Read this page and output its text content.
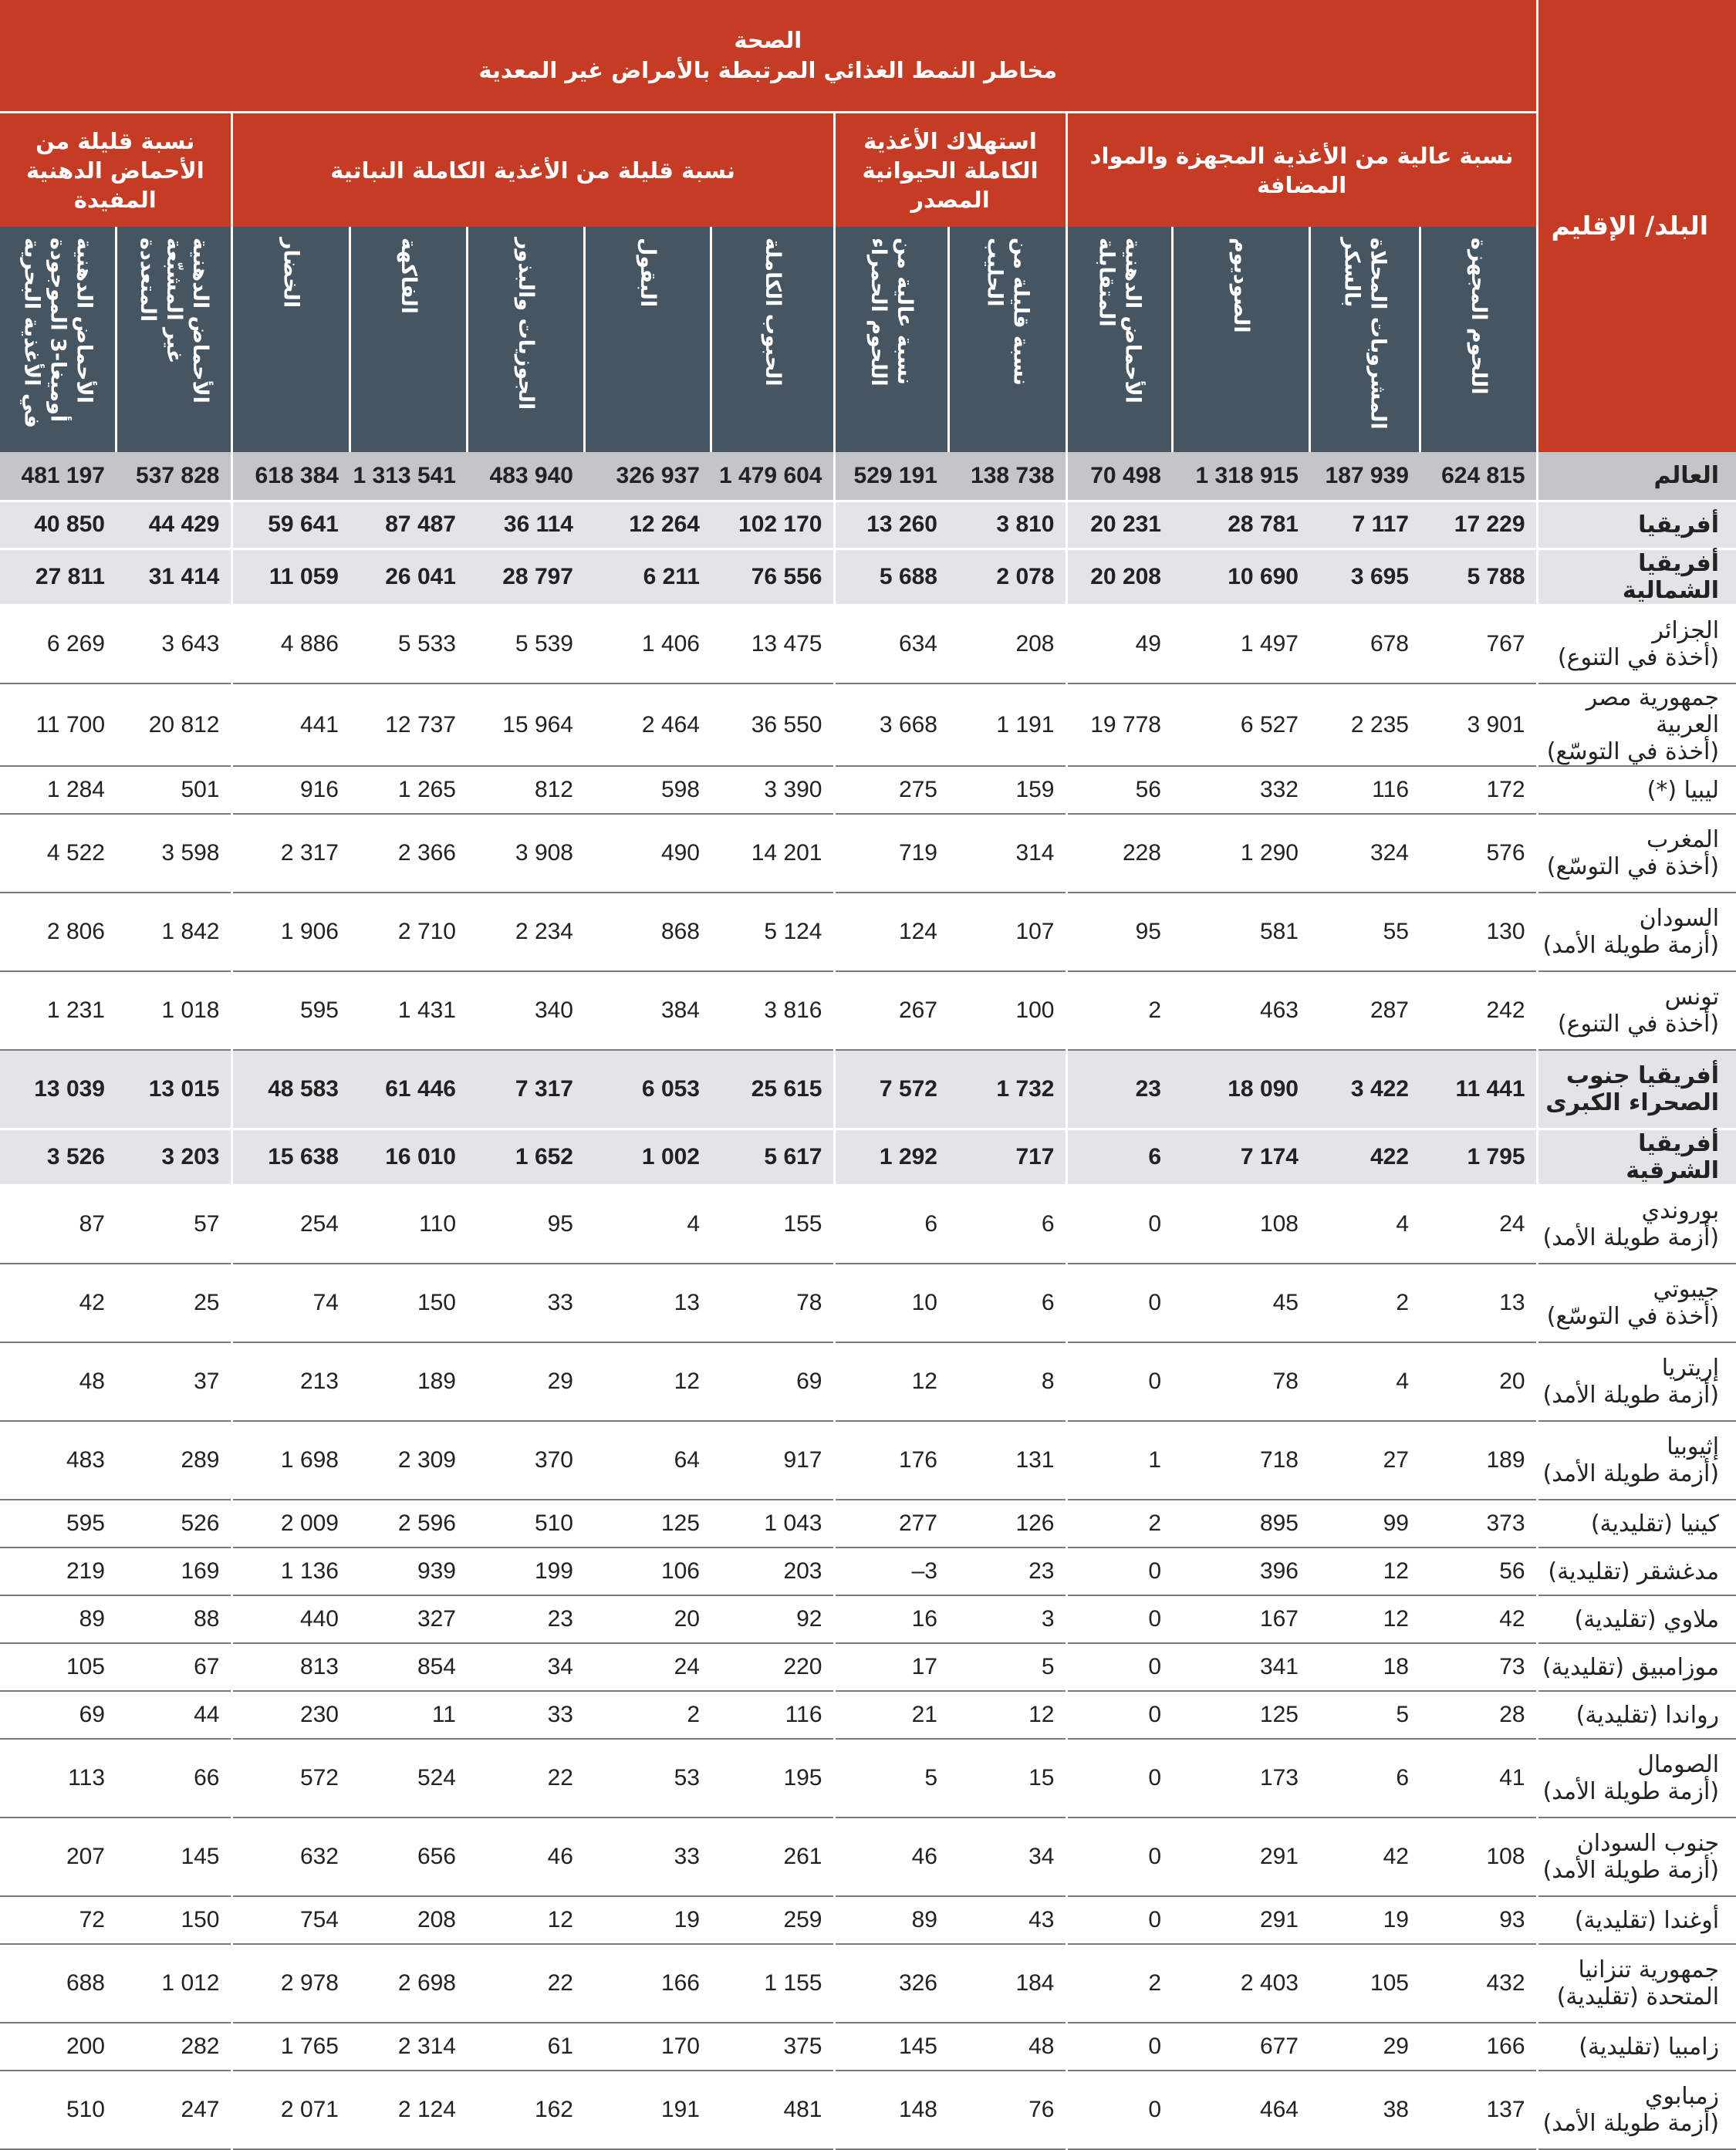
الصحة
مخاطر النمط الغذائي المرتبطة بالأمراض غير المعدية													البلد/ الإقليم
نسبة قليلة من الأحماض الدهنية المفيدة		نسبة قليلة من الأغذية الكاملة النباتية					استهلاك الأغذية الكاملة الحيوانية المصدر		نسبة عالية من الأغذية المجهزة والمواد المضافة				

الأحماض الدهنية أوميغا-3 الموجودة في الأغذية البحرية	الأحماض الدهنية غير المشبّعة المتعددة	الخضار	الفاكهة	الجوزيات والبذور	البقول	الحبوب الكاملة	نسبة عالية من اللحوم الحمراء	نسبة قليلة من الحليب	الأحماض الدهنية المتقابلة	الصوديوم	المشروبات المحلاة بالسكر	اللحوم المجهزة	

481 197	537 828	618 384	1 313 541	483 940	326 937	1 479 604	529 191	138 738	70 498	1 318 915	187 939	624 815	العالم

40 850	44 429	59 641	87 487	36 114	12 264	102 170	13 260	3 810	20 231	28 781	7 117	17 229	أفريقيا

27 811	31 414	11 059	26 041	28 797	6 211	76 556	5 688	2 078	20 208	10 690	3 695	5 788	أفريقيا الشمالية

6 269	3 643	4 886	5 533	5 539	1 406	13 475	634	208	49	1 497	678	767	الجزائر
(أخذة في التنوع)

11 700	20 812	441	12 737	15 964	2 464	36 550	3 668	1 191	19 778	6 527	2 235	3 901	جمهورية مصر العربية
(أخذة في التوسّع)

1 284	501	916	1 265	812	598	3 390	275	159	56	332	116	172	ليبيا (*)

4 522	3 598	2 317	2 366	3 908	490	14 201	719	314	228	1 290	324	576	المغرب
(أخذة في التوسّع)

2 806	1 842	1 906	2 710	2 234	868	5 124	124	107	95	581	55	130	السودان
(أزمة طويلة الأمد)

1 231	1 018	595	1 431	340	384	3 816	267	100	2	463	287	242	تونس
(أخذة في التنوع)

13 039	13 015	48 583	61 446	7 317	6 053	25 615	7 572	1 732	23	18 090	3 422	11 441	أفريقيا جنوب الصحراء الكبرى

3 526	3 203	15 638	16 010	1 652	1 002	5 617	1 292	717	6	7 174	422	1 795	أفريقيا الشرقية

87	57	254	110	95	4	155	6	6	0	108	4	24	بوروندي
(أزمة طويلة الأمد)

42	25	74	150	33	13	78	10	6	0	45	2	13	جيبوتي
(أخذة في التوسّع)

48	37	213	189	29	12	69	12	8	0	78	4	20	إريتريا
(أزمة طويلة الأمد)

483	289	1 698	2 309	370	64	917	176	131	1	718	27	189	إثيوبيا
(أزمة طويلة الأمد)

595	526	2 009	2 596	510	125	1 043	277	126	2	895	99	373	كينيا (تقليدية)

219	169	1 136	939	199	106	203	–3	23	0	396	12	56	مدغشقر (تقليدية)

89	88	440	327	23	20	92	16	3	0	167	12	42	ملاوي (تقليدية)

105	67	813	854	34	24	220	17	5	0	341	18	73	موزامبيق (تقليدية)

69	44	230	11	33	2	116	21	12	0	125	5	28	رواندا (تقليدية)

113	66	572	524	22	53	195	5	15	0	173	6	41	الصومال
(أزمة طويلة الأمد)

207	145	632	656	46	33	261	46	34	0	291	42	108	جنوب السودان
(أزمة طويلة الأمد)

72	150	754	208	12	19	259	89	43	0	291	19	93	أوغندا (تقليدية)

688	1 012	2 978	2 698	22	166	1 155	326	184	2	2 403	105	432	جمهورية تنزانيا المتحدة (تقليدية)

200	282	1 765	2 314	61	170	375	145	48	0	677	29	166	زامبيا (تقليدية)

510	247	2 071	2 124	162	191	481	148	76	0	464	38	137	زمبابوي
(أزمة طويلة الأمد)
